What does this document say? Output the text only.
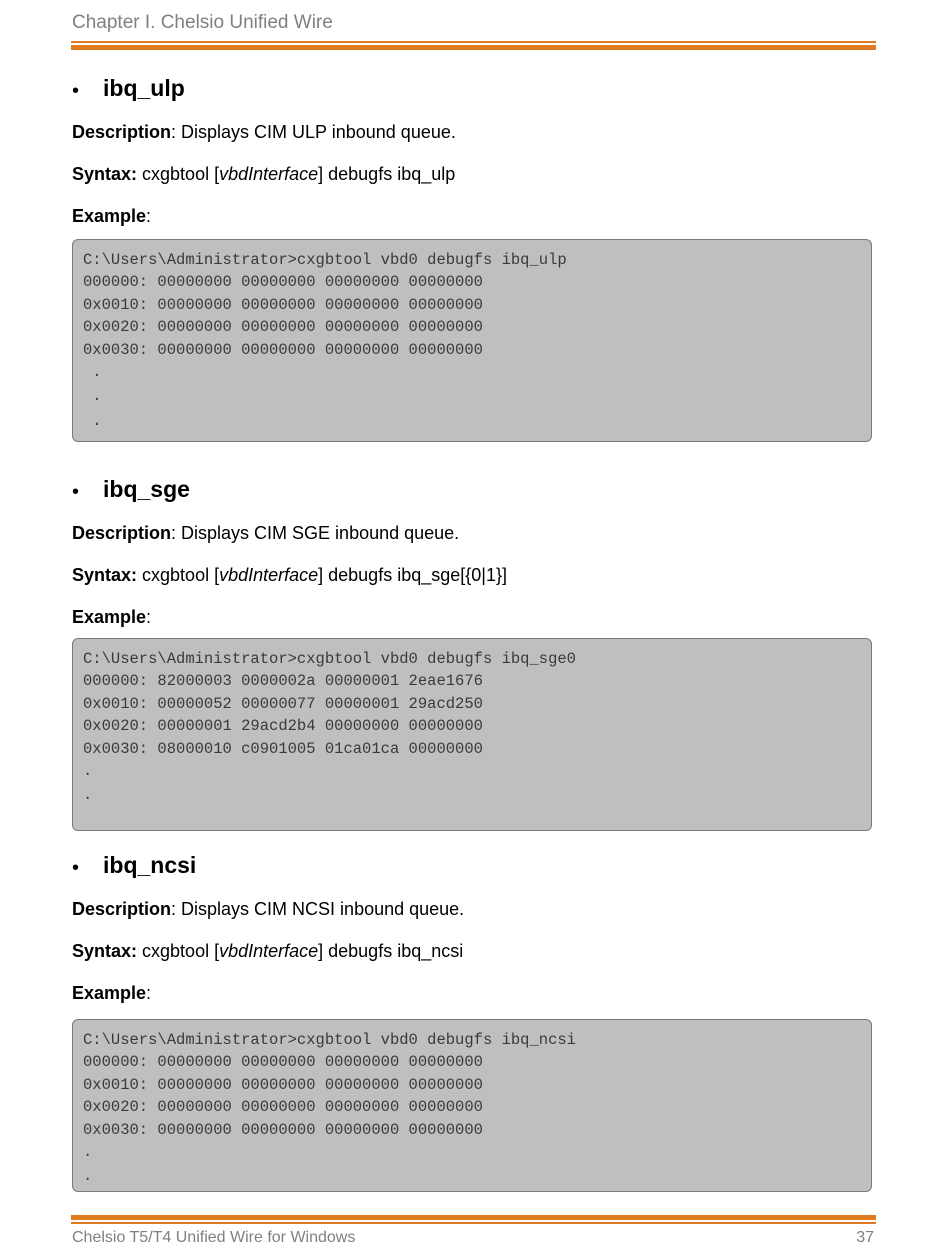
Chapter I. Chelsio Unified Wire
• ibq_ulp
Description: Displays CIM ULP inbound queue.
Syntax: cxgbtool [vbdInterface] debugfs ibq_ulp
Example:
C:\Users\Administrator>cxgbtool vbd0 debugfs ibq_ulp
000000: 00000000 00000000 00000000 00000000
0x0010: 00000000 00000000 00000000 00000000
0x0020: 00000000 00000000 00000000 00000000
0x0030: 00000000 00000000 00000000 00000000
.
.
.
• ibq_sge
Description: Displays CIM SGE inbound queue.
Syntax: cxgbtool [vbdInterface] debugfs ibq_sge[{0|1}]
Example:
C:\Users\Administrator>cxgbtool vbd0 debugfs ibq_sge0
000000: 82000003 0000002a 00000001 2eae1676
0x0010: 00000052 00000077 00000001 29acd250
0x0020: 00000001 29acd2b4 00000000 00000000
0x0030: 08000010 c0901005 01ca01ca 00000000
.
.
• ibq_ncsi
Description: Displays CIM NCSI inbound queue.
Syntax: cxgbtool [vbdInterface] debugfs ibq_ncsi
Example:
C:\Users\Administrator>cxgbtool vbd0 debugfs ibq_ncsi
000000: 00000000 00000000 00000000 00000000
0x0010: 00000000 00000000 00000000 00000000
0x0020: 00000000 00000000 00000000 00000000
0x0030: 00000000 00000000 00000000 00000000
.
.
Chelsio T5/T4 Unified Wire for Windows	37
